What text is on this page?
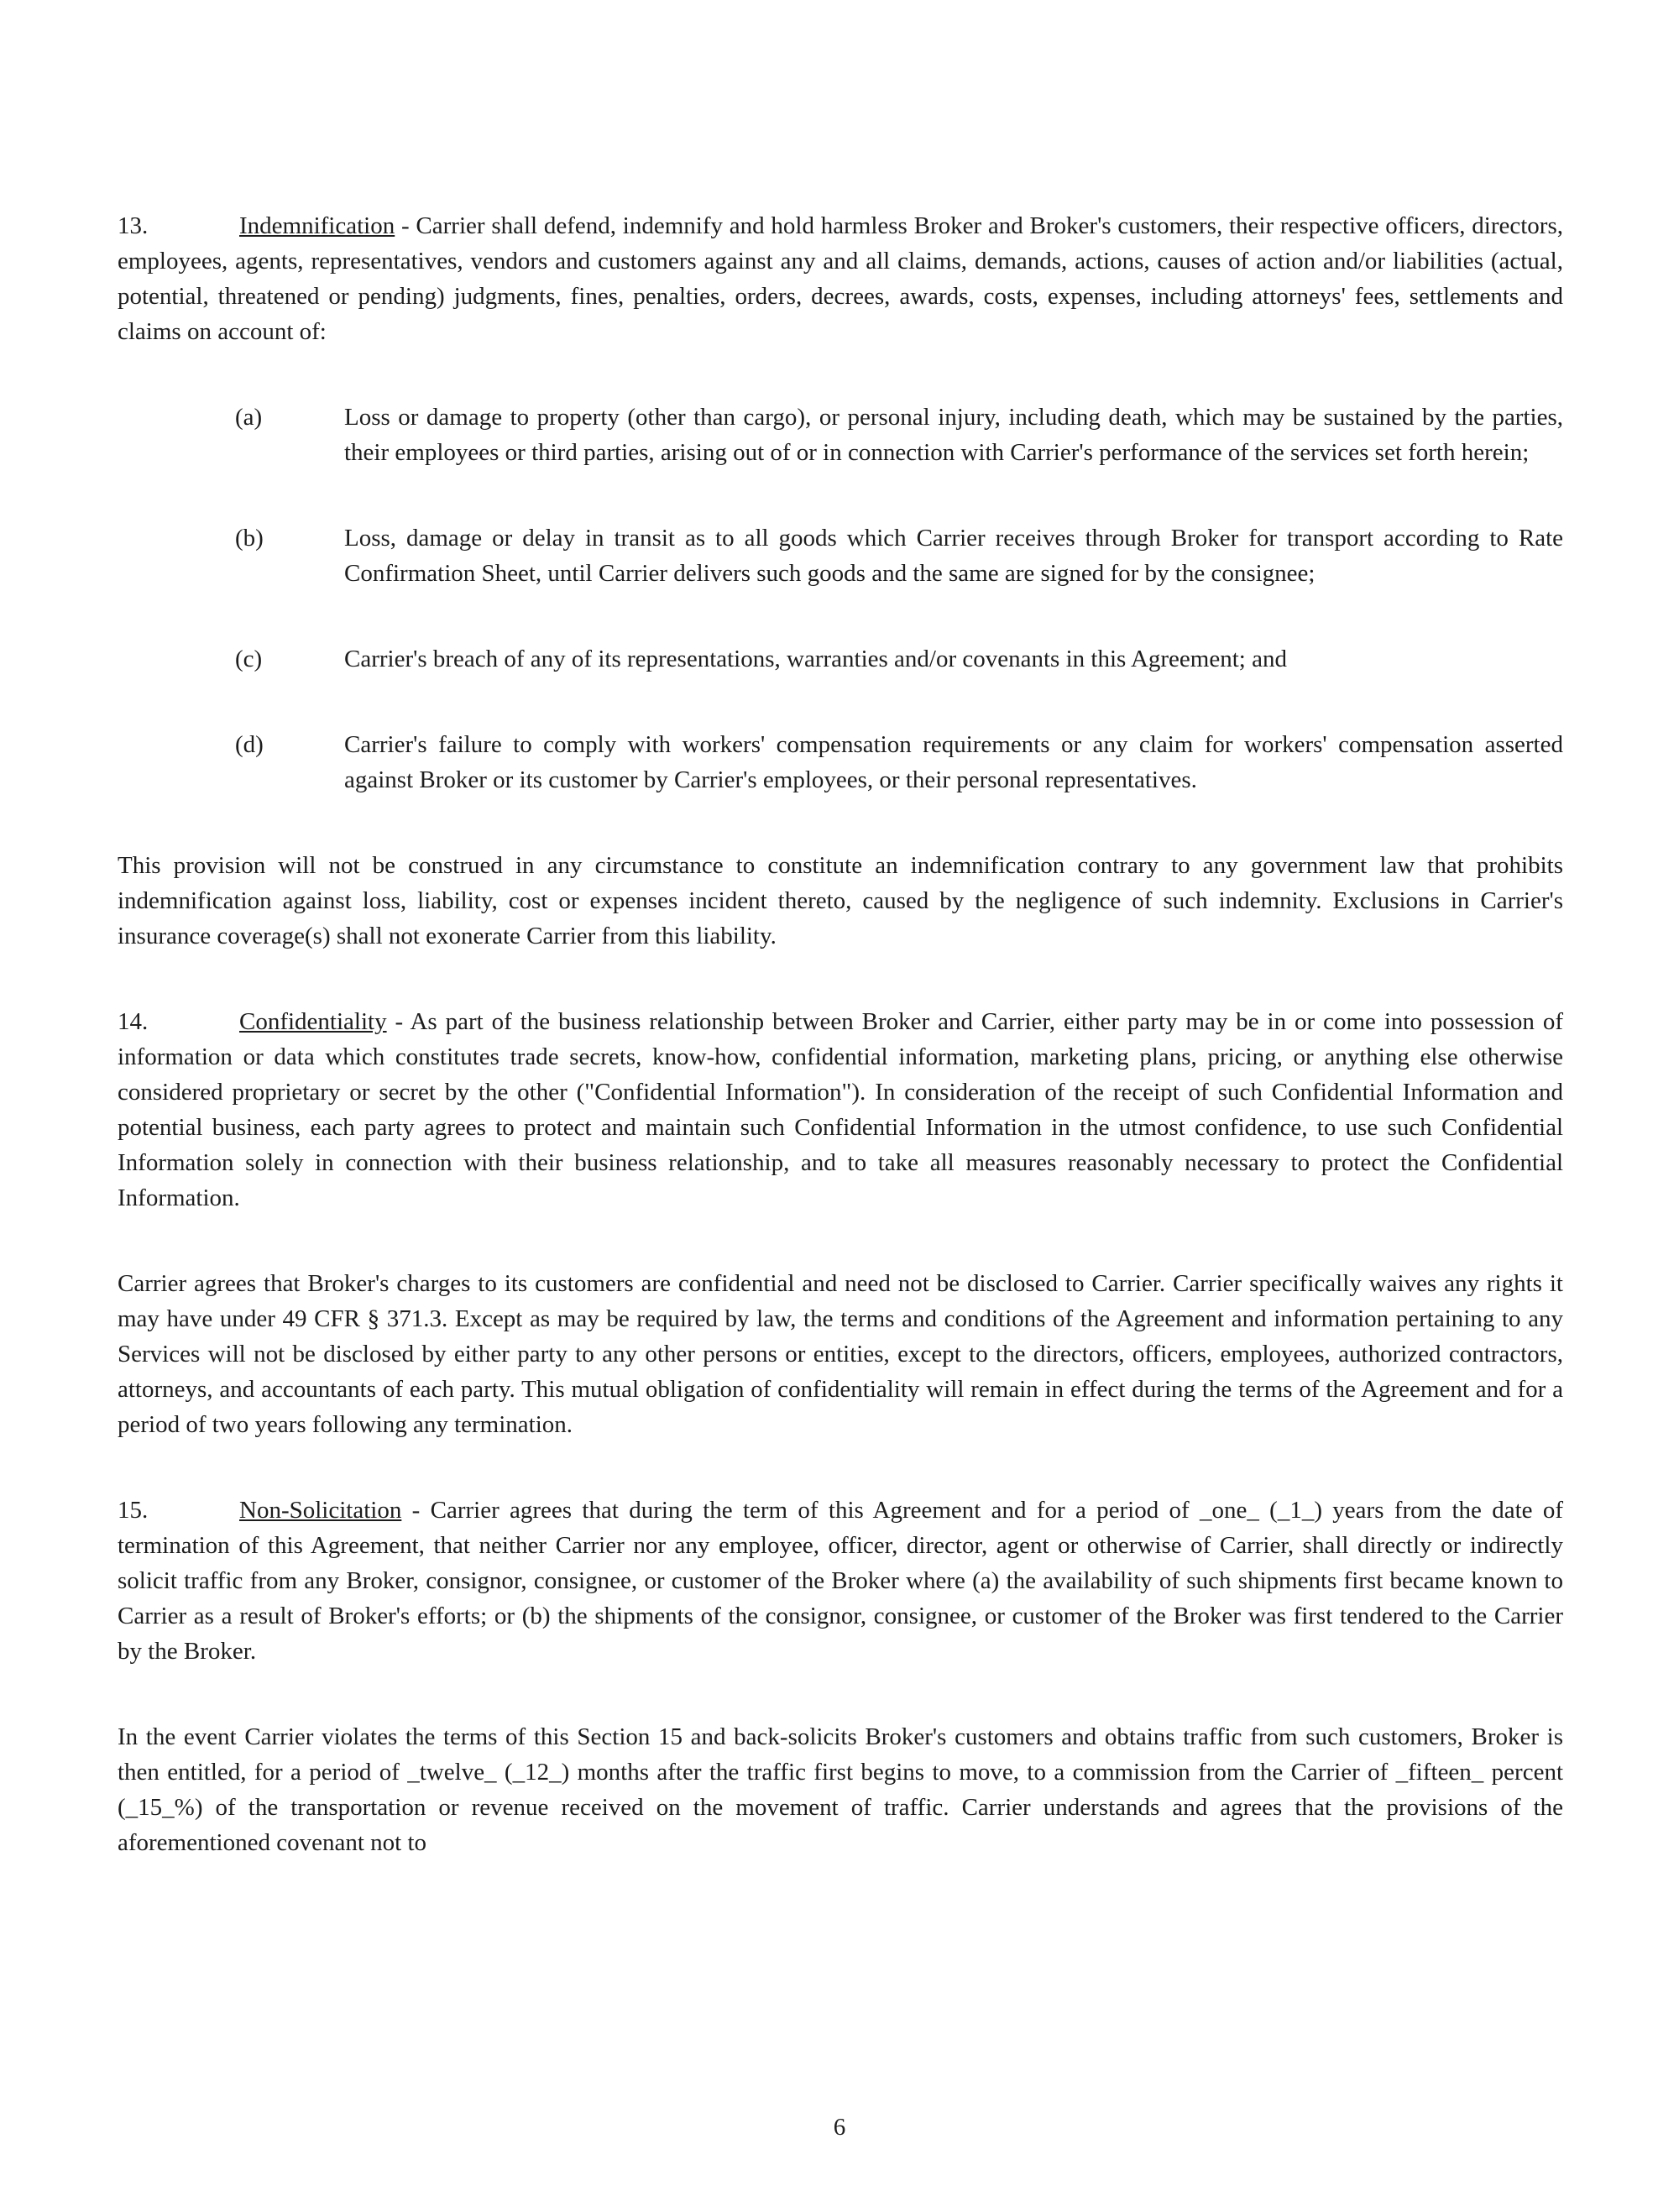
13.	Indemnification - Carrier shall defend, indemnify and hold harmless Broker and Broker's customers, their respective officers, directors, employees, agents, representatives, vendors and customers against any and all claims, demands, actions, causes of action and/or liabilities (actual, potential, threatened or pending) judgments, fines, penalties, orders, decrees, awards, costs, expenses, including attorneys' fees, settlements and claims on account of:

(a)	Loss or damage to property (other than cargo), or personal injury, including death, which may be sustained by the parties, their employees or third parties, arising out of or in connection with Carrier's performance of the services set forth herein;
(b)	Loss, damage or delay in transit as to all goods which Carrier receives through Broker for transport according to Rate Confirmation Sheet, until Carrier delivers such goods and the same are signed for by the consignee;
(c)	Carrier's breach of any of its representations, warranties and/or covenants in this Agreement; and
(d)	Carrier's failure to comply with workers' compensation requirements or any claim for workers' compensation asserted against Broker or its customer by Carrier's employees, or their personal representatives.

This provision will not be construed in any circumstance to constitute an indemnification contrary to any government law that prohibits indemnification against loss, liability, cost or expenses incident thereto, caused by the negligence of such indemnity. Exclusions in Carrier's insurance coverage(s) shall not exonerate Carrier from this liability.

14.	Confidentiality - As part of the business relationship between Broker and Carrier, either party may be in or come into possession of information or data which constitutes trade secrets, know-how, confidential information, marketing plans, pricing, or anything else otherwise considered proprietary or secret by the other ("Confidential Information"). In consideration of the receipt of such Confidential Information and potential business, each party agrees to protect and maintain such Confidential Information in the utmost confidence, to use such Confidential Information solely in connection with their business relationship, and to take all measures reasonably necessary to protect the Confidential Information.

Carrier agrees that Broker's charges to its customers are confidential and need not be disclosed to Carrier. Carrier specifically waives any rights it may have under 49 CFR § 371.3. Except as may be required by law, the terms and conditions of the Agreement and information pertaining to any Services will not be disclosed by either party to any other persons or entities, except to the directors, officers, employees, authorized contractors, attorneys, and accountants of each party. This mutual obligation of confidentiality will remain in effect during the terms of the Agreement and for a period of two years following any termination.

15.	Non-Solicitation - Carrier agrees that during the term of this Agreement and for a period of _one_ (_1_) years from the date of termination of this Agreement, that neither Carrier nor any employee, officer, director, agent or otherwise of Carrier, shall directly or indirectly solicit traffic from any Broker, consignor, consignee, or customer of the Broker where (a) the availability of such shipments first became known to Carrier as a result of Broker's efforts; or (b) the shipments of the consignor, consignee, or customer of the Broker was first tendered to the Carrier by the Broker.

In the event Carrier violates the terms of this Section 15 and back-solicits Broker's customers and obtains traffic from such customers, Broker is then entitled, for a period of _twelve_ (_12_) months after the traffic first begins to move, to a commission from the Carrier of _fifteen_ percent (_15_%) of the transportation or revenue received on the movement of traffic. Carrier understands and agrees that the provisions of the aforementioned covenant not to

6
